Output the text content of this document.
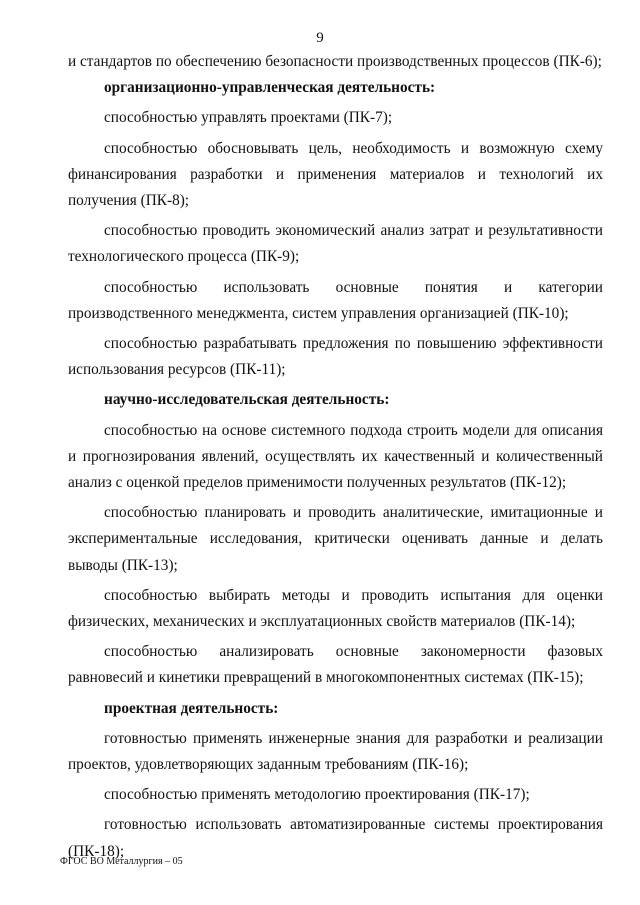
9

и стандартов по обеспечению безопасности производственных процессов (ПК-6);

организационно-управленческая деятельность:

способностью управлять проектами (ПК-7);

способностью обосновывать цель, необходимость и возможную схему финансирования разработки и применения материалов и технологий их получения (ПК-8);

способностью проводить экономический анализ затрат и результативности технологического процесса (ПК-9);

способностью использовать основные понятия и категории производственного менеджмента, систем управления организацией (ПК-10);

способностью разрабатывать предложения по повышению эффективности использования ресурсов (ПК-11);

научно-исследовательская деятельность:

способностью на основе системного подхода строить модели для описания и прогнозирования явлений, осуществлять их качественный и количественный анализ с оценкой пределов применимости полученных результатов (ПК-12);

способностью планировать и проводить аналитические, имитационные и экспериментальные исследования, критически оценивать данные и делать выводы (ПК-13);

способностью выбирать методы и проводить испытания для оценки физических, механических и эксплуатационных свойств материалов (ПК-14);

способностью анализировать основные закономерности фазовых равновесий и кинетики превращений в многокомпонентных системах (ПК-15);

проектная деятельность:

готовностью применять инженерные знания для разработки и реализации проектов, удовлетворяющих заданным требованиям (ПК-16);

способностью применять методологию проектирования (ПК-17);

готовностью использовать автоматизированные системы проектирования (ПК-18);

ФГОС ВО Металлургия – 05
